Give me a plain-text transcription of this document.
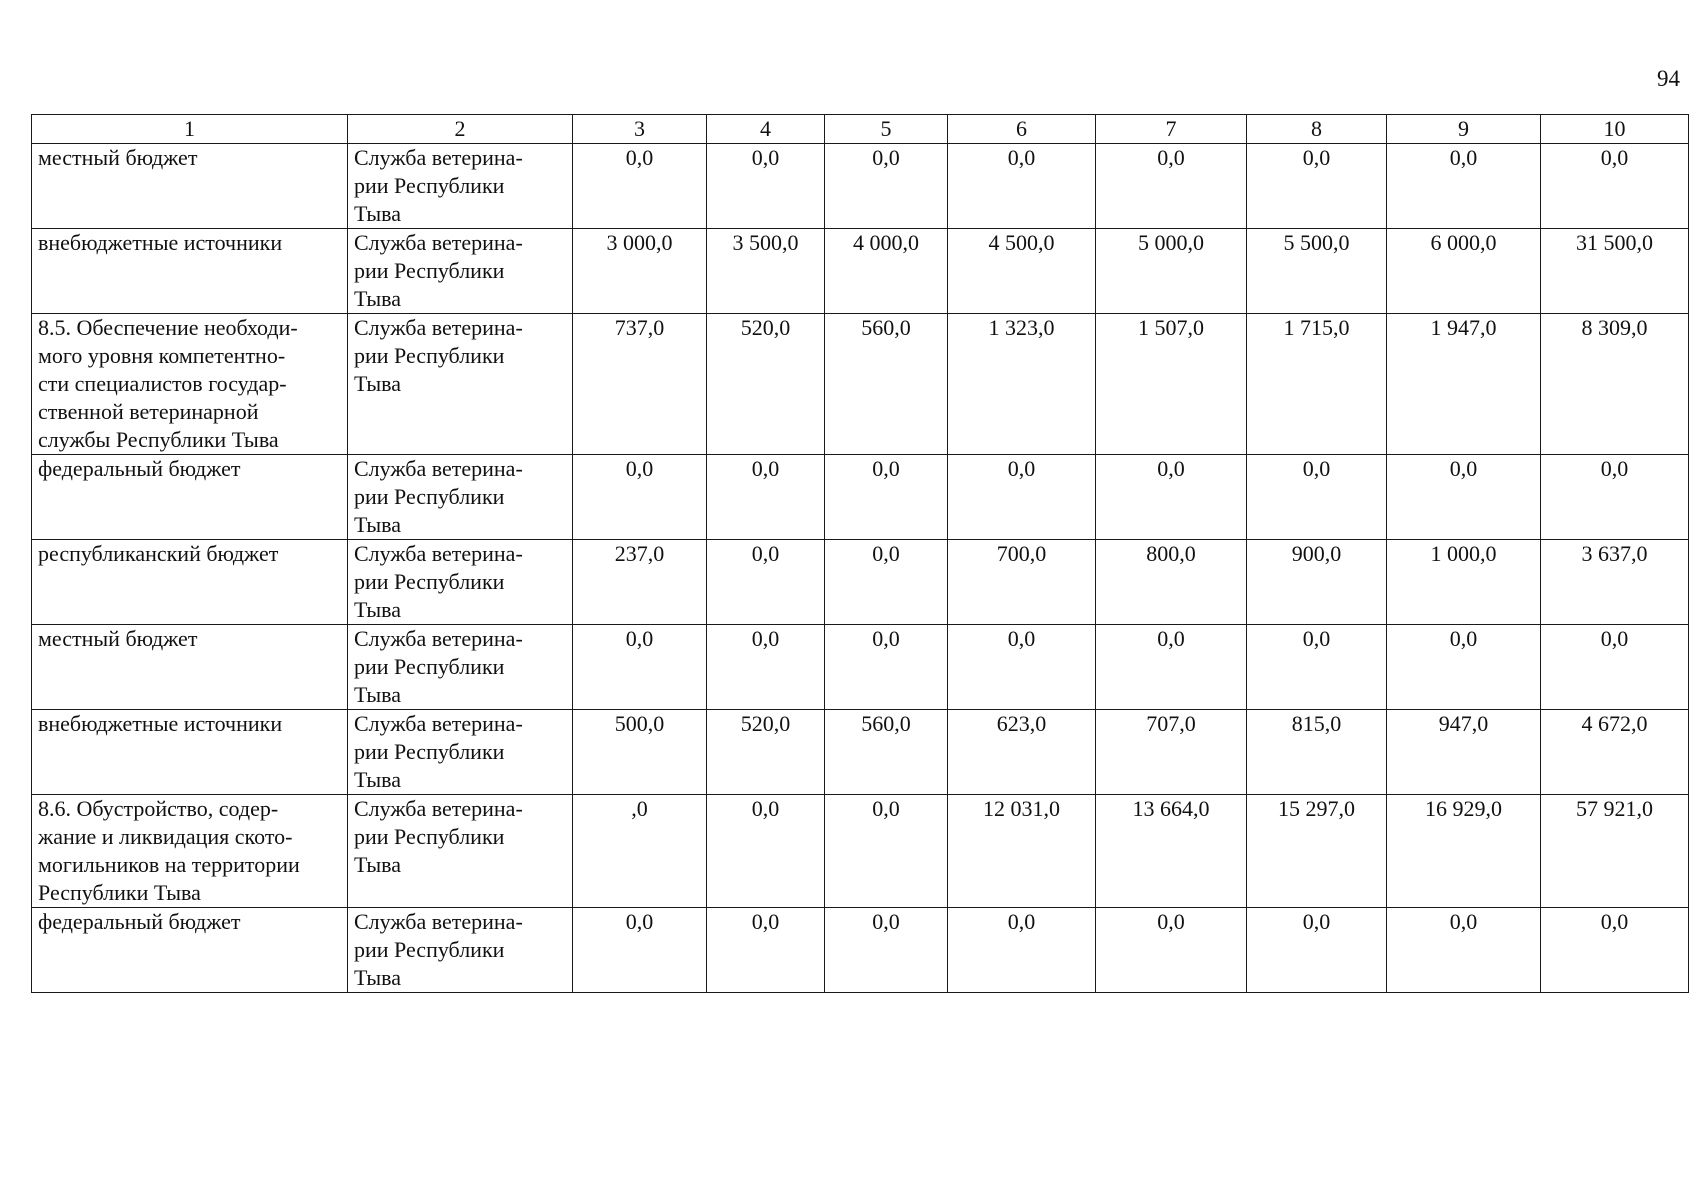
94
1	2	3	4	5	6	7	8	9	10

местный бюджет	Служба ветерина-
рии Республики
Тыва	0,0	0,0	0,0	0,0	0,0	0,0	0,0	0,0

внебюджетные источники	Служба ветерина-
рии Республики
Тыва	3 000,0	3 500,0	4 000,0	4 500,0	5 000,0	5 500,0	6 000,0	31 500,0

8.5. Обеспечение необходи-
мого уровня компетентно-
сти специалистов государ-
ственной ветеринарной
службы Республики Тыва	Служба ветерина-
рии Республики
Тыва	737,0	520,0	560,0	1 323,0	1 507,0	1 715,0	1 947,0	8 309,0

федеральный бюджет	Служба ветерина-
рии Республики
Тыва	0,0	0,0	0,0	0,0	0,0	0,0	0,0	0,0

республиканский бюджет	Служба ветерина-
рии Республики
Тыва	237,0	0,0	0,0	700,0	800,0	900,0	1 000,0	3 637,0

местный бюджет	Служба ветерина-
рии Республики
Тыва	0,0	0,0	0,0	0,0	0,0	0,0	0,0	0,0

внебюджетные источники	Служба ветерина-
рии Республики
Тыва	500,0	520,0	560,0	623,0	707,0	815,0	947,0	4 672,0

8.6. Обустройство, содер-
жание и ликвидация ското-
могильников на территории
Республики Тыва	Служба ветерина-
рии Республики
Тыва	,0	0,0	0,0	12 031,0	13 664,0	15 297,0	16 929,0	57 921,0

федеральный бюджет	Служба ветерина-
рии Республики
Тыва	0,0	0,0	0,0	0,0	0,0	0,0	0,0	0,0
